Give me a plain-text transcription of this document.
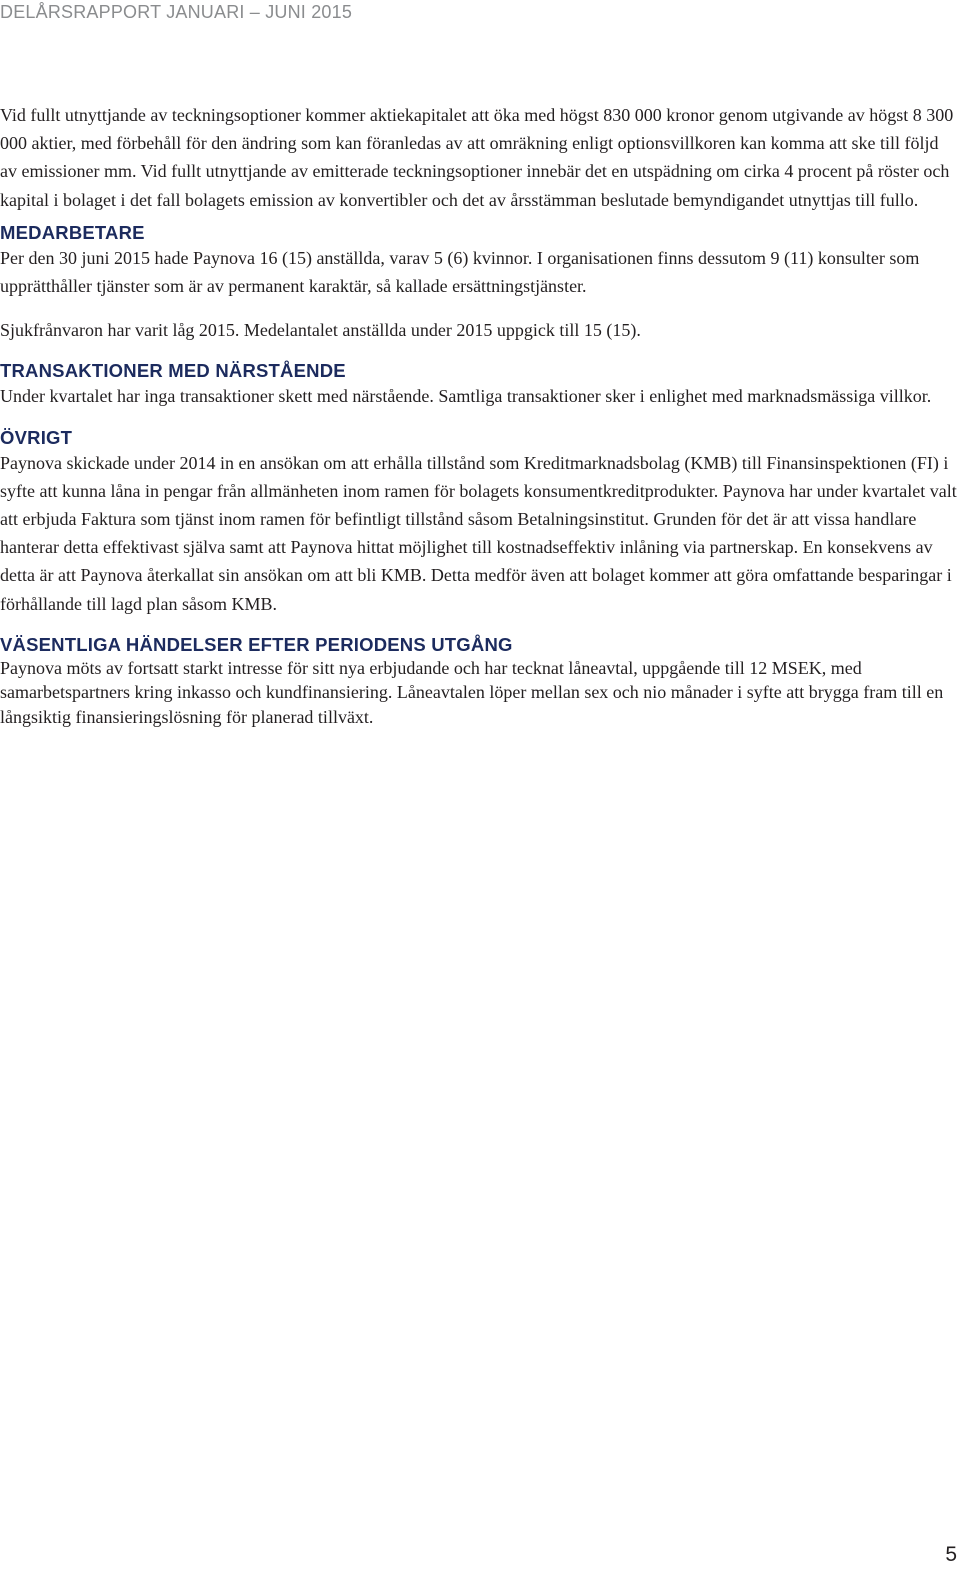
DELÅRSRAPPORT JANUARI – JUNI 2015

Vid fullt utnyttjande av teckningsoptioner kommer aktiekapitalet att öka med högst 830 000 kronor genom utgivande av högst 8 300 000 aktier, med förbehåll för den ändring som kan föranledas av att omräkning enligt optionsvillkoren kan komma att ske till följd av emissioner mm. Vid fullt utnyttjande av emitterade teckningsoptioner innebär det en utspädning om cirka 4 procent på röster och kapital i bolaget i det fall bolagets emission av konvertibler och det av årsstämman beslutade bemyndigandet utnyttjas till fullo.

MEDARBETARE

Per den 30 juni 2015 hade Paynova 16 (15) anställda, varav 5 (6) kvinnor. I organisationen finns dessutom 9 (11) konsulter som upprätthåller tjänster som är av permanent karaktär, så kallade ersättningstjänster.

Sjukfrånvaron har varit låg 2015. Medelantalet anställda under 2015 uppgick till 15 (15).

TRANSAKTIONER MED NÄRSTÅENDE

Under kvartalet har inga transaktioner skett med närstående. Samtliga transaktioner sker i enlighet med marknadsmässiga villkor.

ÖVRIGT

Paynova skickade under 2014 in en ansökan om att erhålla tillstånd som Kreditmarknadsbolag (KMB) till Finansinspektionen (FI) i syfte att kunna låna in pengar från allmänheten inom ramen för bolagets konsumentkreditprodukter. Paynova har under kvartalet valt att erbjuda Faktura som tjänst inom ramen för befintligt tillstånd såsom Betalningsinstitut. Grunden för det är att vissa handlare hanterar detta effektivast själva samt att Paynova hittat möjlighet till kostnadseffektiv inlåning via partnerskap. En konsekvens av detta är att Paynova återkallat sin ansökan om att bli KMB. Detta medför även att bolaget kommer att göra omfattande besparingar i förhållande till lagd plan såsom KMB.

VÄSENTLIGA HÄNDELSER EFTER PERIODENS UTGÅNG

Paynova möts av fortsatt starkt intresse för sitt nya erbjudande och har tecknat låneavtal, uppgående till 12 MSEK, med samarbetspartners kring inkasso och kundfinansiering. Låneavtalen löper mellan sex och nio månader i syfte att brygga fram till en långsiktig finansieringslösning för planerad tillväxt.

5
